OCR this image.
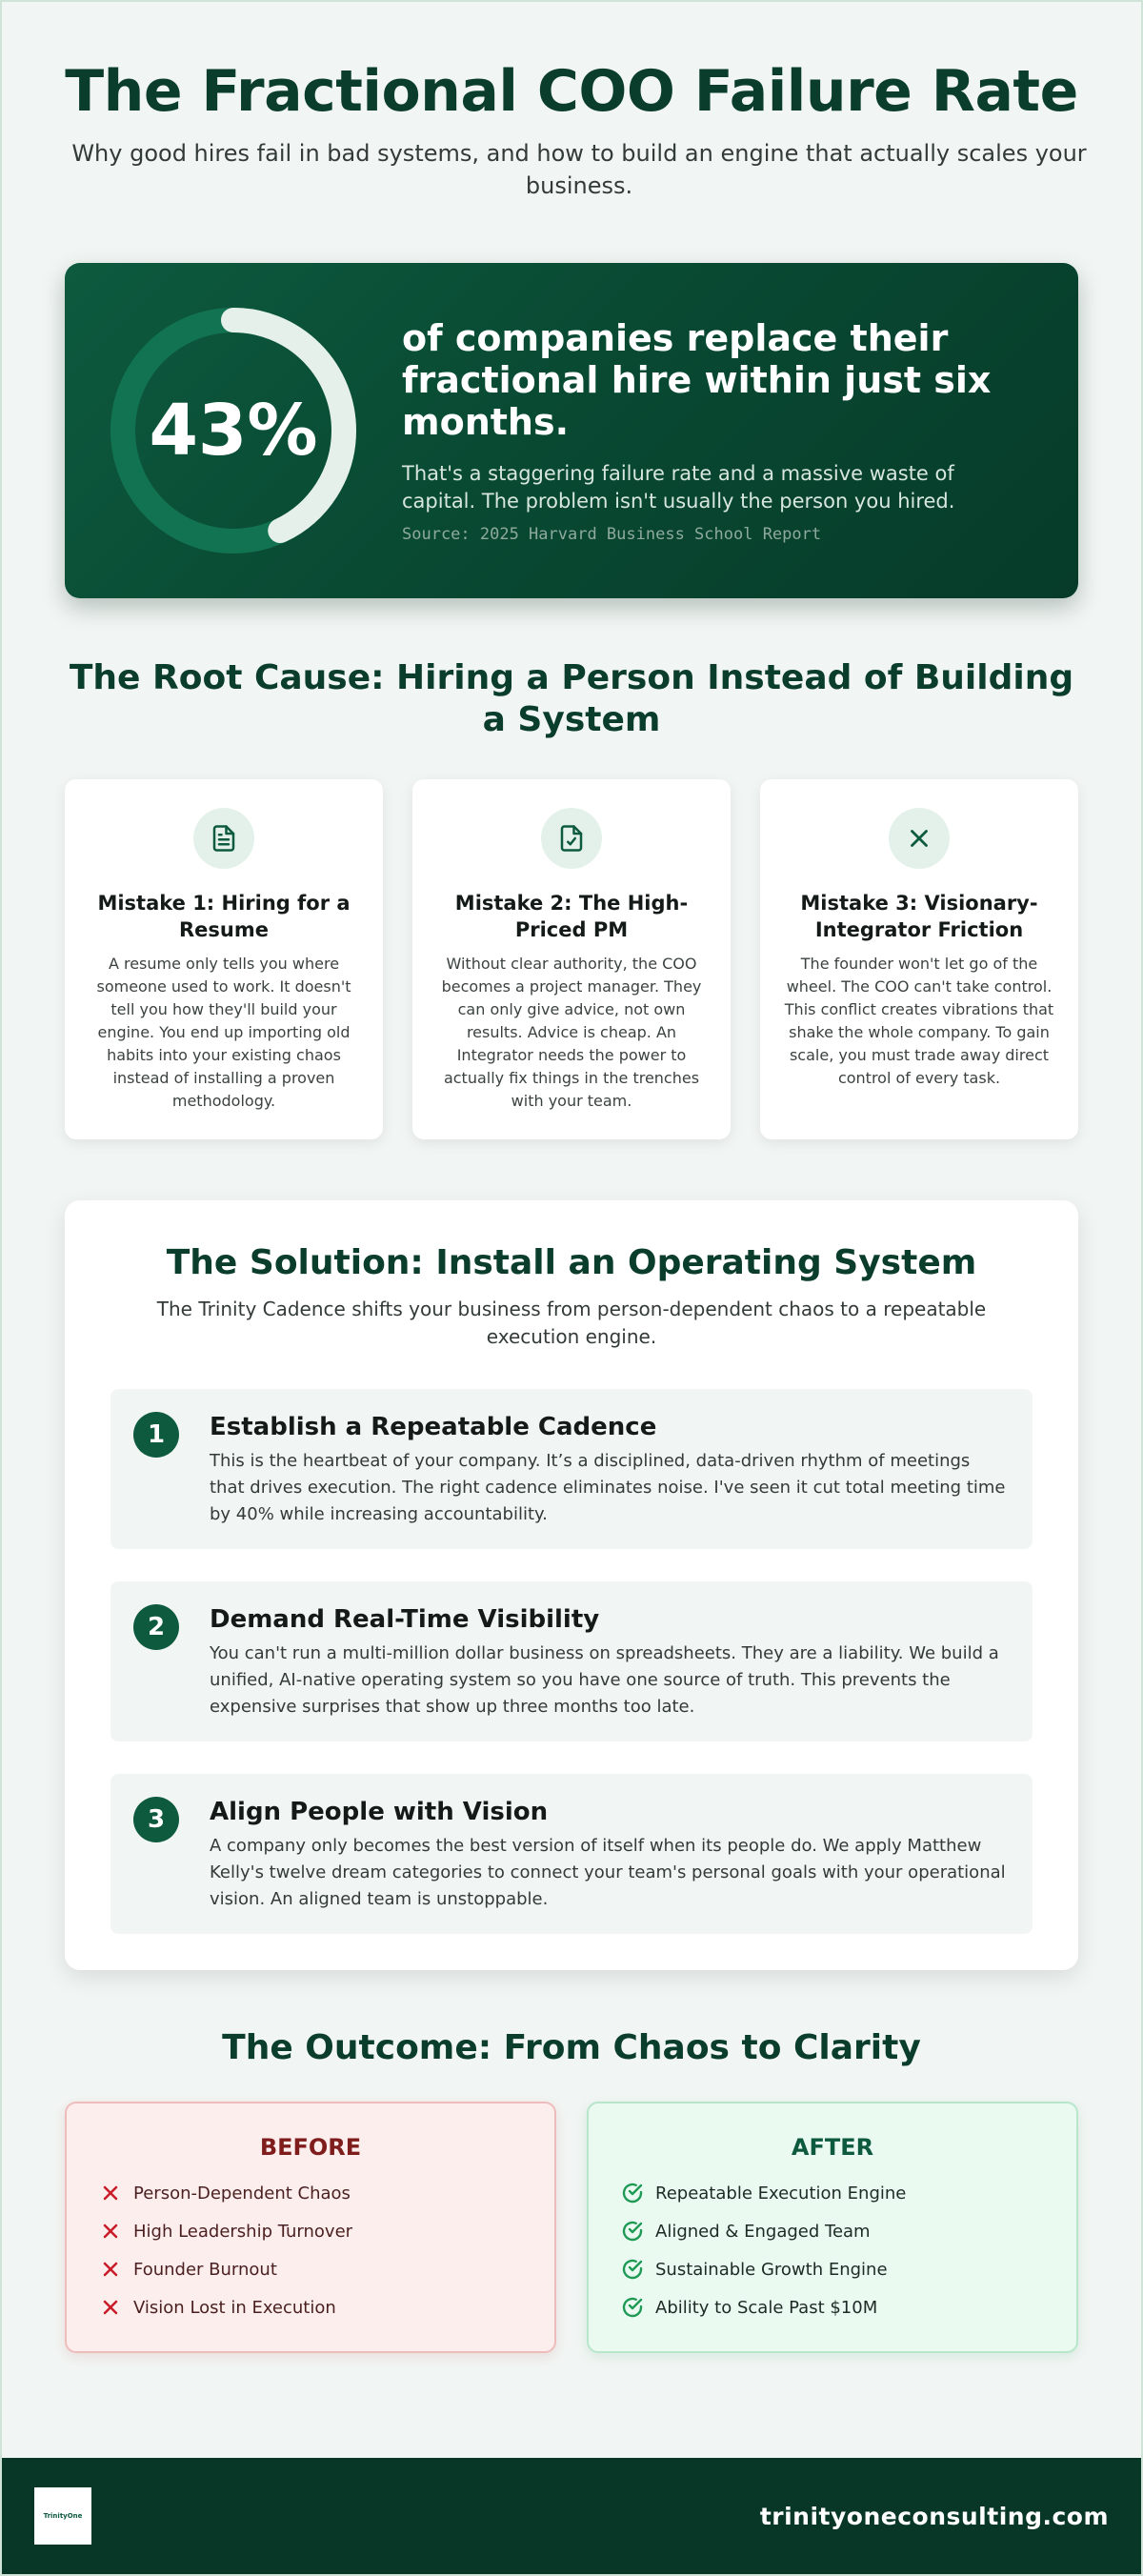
The Fractional COO Failure Rate

Why good hires fail in bad systems, and how to build an engine that actually scales your business.

43%
of companies replace their fractional hire within just six months.
That's a staggering failure rate and a massive waste of capital. The problem isn't usually the person you hired.
Source: 2025 Harvard Business School Report
The Root Cause: Hiring a Person Instead of Building a System
Mistake 1: Hiring for a Resume
A resume only tells you where someone used to work. It doesn't tell you how they'll build your engine. You end up importing old habits into your existing chaos instead of installing a proven methodology.
Mistake 2: The High-Priced PM
Without clear authority, the COO becomes a project manager. They can only give advice, not own results. Advice is cheap. An Integrator needs the power to actually fix things in the trenches with your team.
Mistake 3: Visionary-Integrator Friction
The founder won't let go of the wheel. The COO can't take control. This conflict creates vibrations that shake the whole company. To gain scale, you must trade away direct control of every task.
The Solution: Install an Operating System

The Trinity Cadence shifts your business from person-dependent chaos to a repeatable execution engine.

1	Establish a Repeatable Cadence
This is the heartbeat of your company. It’s a disciplined, data-driven rhythm of meetings that drives execution. The right cadence eliminates noise. I've seen it cut total meeting time by 40% while increasing accountability.
2	Demand Real-Time Visibility
You can't run a multi-million dollar business on spreadsheets. They are a liability. We build a unified, AI-native operating system so you have one source of truth. This prevents the expensive surprises that show up three months too late.
3	Align People with Vision
A company only becomes the best version of itself when its people do. We apply Matthew Kelly's twelve dream categories to connect your team's personal goals with your operational vision. An aligned team is unstoppable.
The Outcome: From Chaos to Clarity
BEFORE
Person-Dependent Chaos
High Leadership Turnover
Founder Burnout
Vision Lost in Execution
AFTER
Repeatable Execution Engine
Aligned & Engaged Team
Sustainable Growth Engine
Ability to Scale Past $10M
TrinityOne	trinityoneconsulting.com
